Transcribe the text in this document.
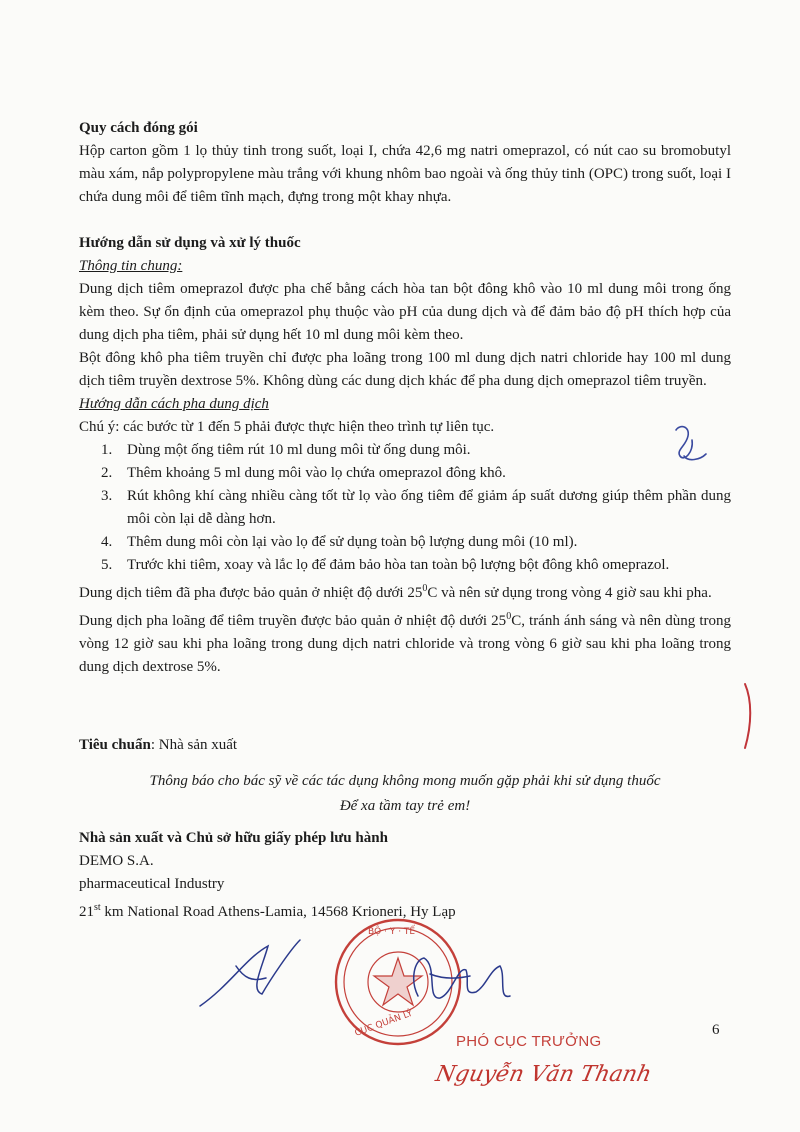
Quy cách đóng gói
Hộp carton gồm 1 lọ thủy tinh trong suốt, loại I, chứa 42,6 mg natri omeprazol, có nút cao su bromobutyl màu xám, nắp polypropylene màu trắng với khung nhôm bao ngoài và ống thủy tinh (OPC) trong suốt, loại I chứa dung môi để tiêm tĩnh mạch, đựng trong một khay nhựa.
Hướng dẫn sử dụng và xử lý thuốc
Thông tin chung:
Dung dịch tiêm omeprazol được pha chế bằng cách hòa tan bột đông khô vào 10 ml dung môi trong ống kèm theo. Sự ổn định của omeprazol phụ thuộc vào pH của dung dịch và để đảm bảo độ pH thích hợp của dung dịch pha tiêm, phải sử dụng hết 10 ml dung môi kèm theo.
Bột đông khô pha tiêm truyền chỉ được pha loãng trong 100 ml dung dịch natri chloride hay 100 ml dung dịch tiêm truyền dextrose 5%. Không dùng các dung dịch khác để pha dung dịch omeprazol tiêm truyền.
Hướng dẫn cách pha dung dịch
Chú ý: các bước từ 1 đến 5 phải được thực hiện theo trình tự liên tục.
1. Dùng một ống tiêm rút 10 ml dung môi từ ống dung môi.
2. Thêm khoảng 5 ml dung môi vào lọ chứa omeprazol đông khô.
3. Rút không khí càng nhiều càng tốt từ lọ vào ống tiêm để giảm áp suất dương giúp thêm phần dung môi còn lại dễ dàng hơn.
4. Thêm dung môi còn lại vào lọ để sử dụng toàn bộ lượng dung môi (10 ml).
5. Trước khi tiêm, xoay và lắc lọ để đảm bảo hòa tan toàn bộ lượng bột đông khô omeprazol.
Dung dịch tiêm đã pha được bảo quản ở nhiệt độ dưới $25^0C$ và nên sử dụng trong vòng 4 giờ sau khi pha.
Dung dịch pha loãng để tiêm truyền được bảo quản ở nhiệt độ dưới $25^0C$, tránh ánh sáng và nên dùng trong vòng 12 giờ sau khi pha loãng trong dung dịch natri chloride và trong vòng 6 giờ sau khi pha loãng trong dung dịch dextrose 5%.
Tiêu chuẩn: Nhà sản xuất
Thông báo cho bác sỹ về các tác dụng không mong muốn gặp phải khi sử dụng thuốc
Để xa tầm tay trẻ em!
Nhà sản xuất và Chủ sở hữu giấy phép lưu hành
DEMO S.A.
pharmaceutical Industry
21st km National Road Athens-Lamia, 14568 Krioneri, Hy Lạp
6
BỘ · Y · TẾ
CỤC QUẢN LÝ
PHÓ CỤC TRƯỞNG
Nguyễn Văn Thanh
